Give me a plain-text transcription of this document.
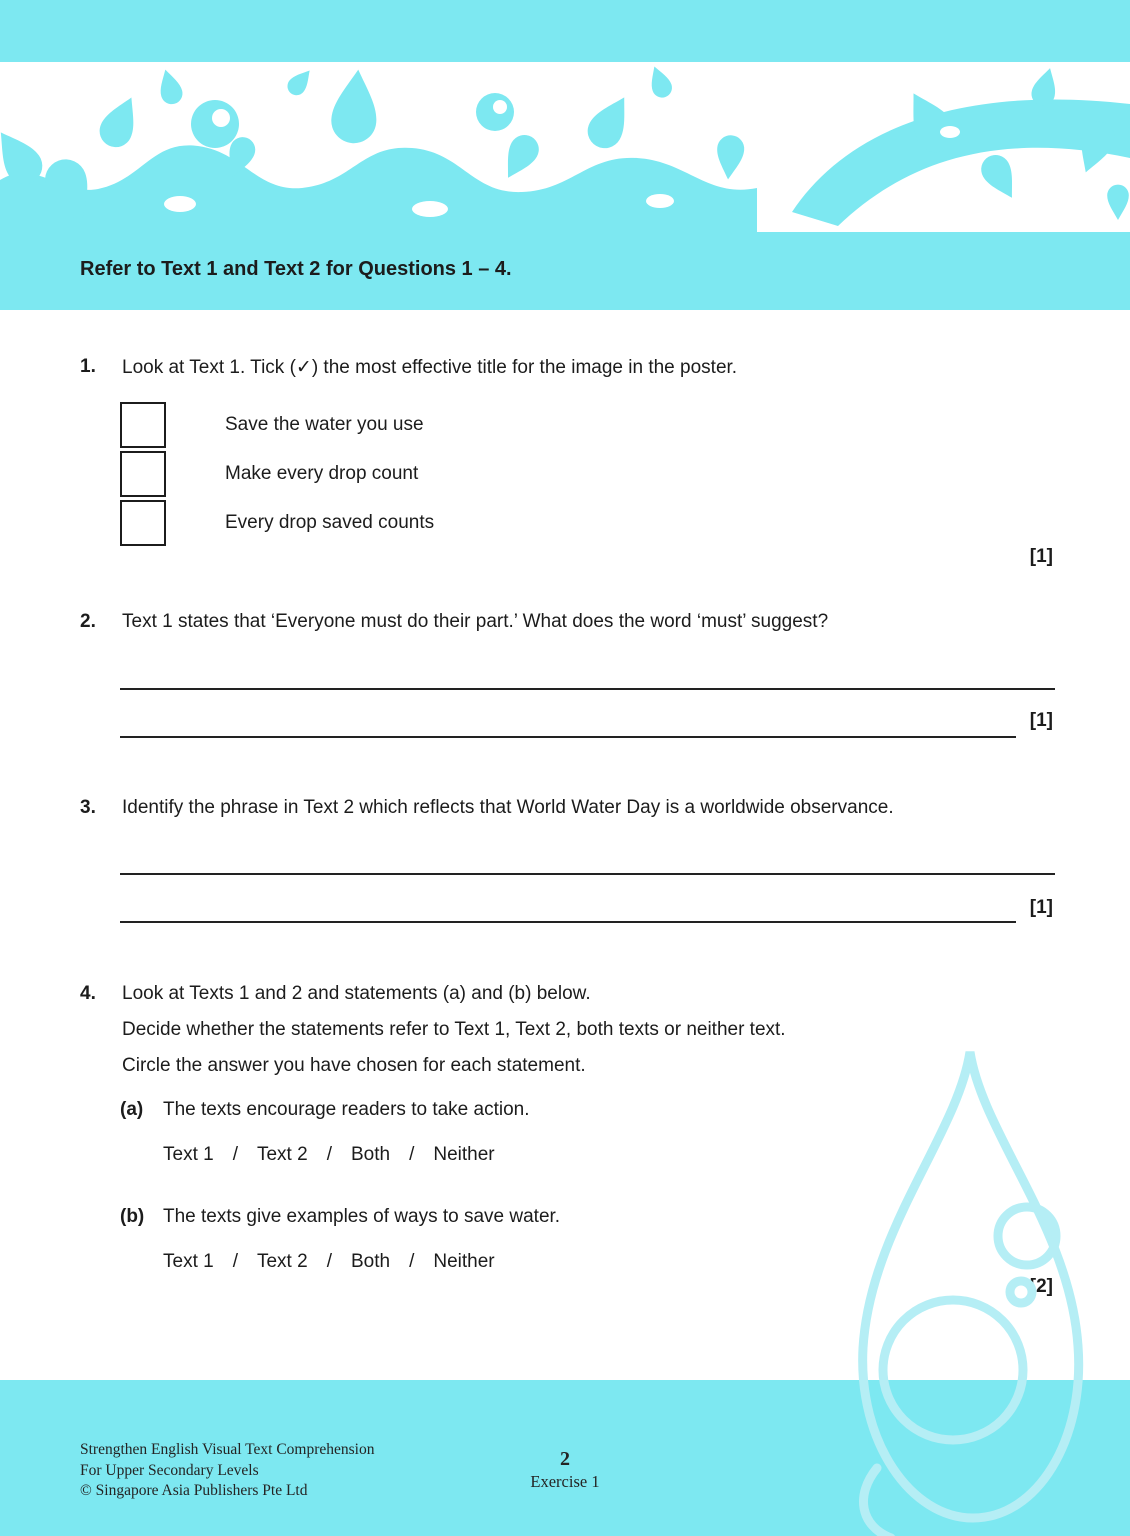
Refer to Text 1 and Text 2 for Questions 1 – 4.
1. Look at Text 1. Tick (✓) the most effective title for the image in the poster.
Save the water you use
Make every drop count
Every drop saved counts
[1]
2. Text 1 states that ‘Everyone must do their part.’ What does the word ‘must’ suggest?
[1]
3. Identify the phrase in Text 2 which reflects that World Water Day is a worldwide observance.
[1]
4. Look at Texts 1 and 2 and statements (a) and (b) below.
Decide whether the statements refer to Text 1, Text 2, both texts or neither text.
Circle the answer you have chosen for each statement.
(a) The texts encourage readers to take action.
Text 1 / Text 2 / Both / Neither
(b) The texts give examples of ways to save water.
Text 1 / Text 2 / Both / Neither
[2]
Strengthen English Visual Text Comprehension
For Upper Secondary Levels
© Singapore Asia Publishers Pte Ltd
2
Exercise 1
